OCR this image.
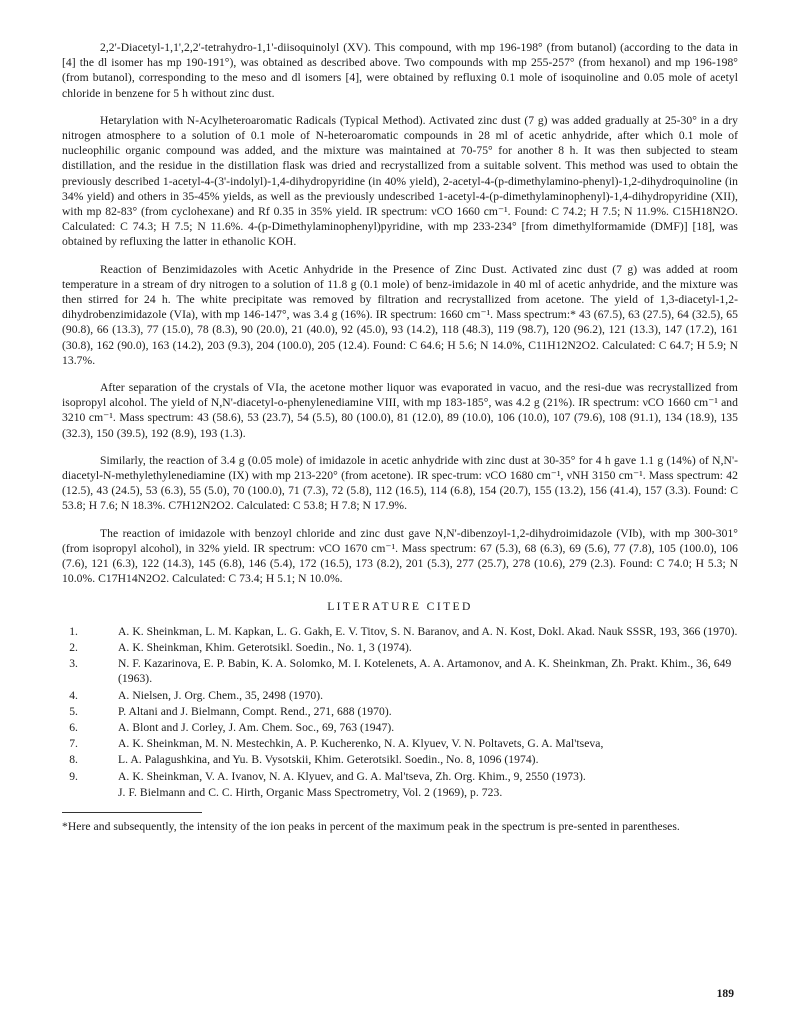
2,2'-Diacetyl-1,1',2,2'-tetrahydro-1,1'-diisoquinolyl (XV). This compound, with mp 196-198° (from butanol) (according to the data in [4] the dl isomer has mp 190-191°), was obtained as described above. Two compounds with mp 255-257° (from hexanol) and mp 196-198° (from butanol), corresponding to the meso and dl isomers [4], were obtained by refluxing 0.1 mole of isoquinoline and 0.05 mole of acetyl chloride in benzene for 5 h without zinc dust.

Hetarylation with N-Acylheteroaromatic Radicals (Typical Method). Activated zinc dust (7 g) was added gradually at 25-30° in a dry nitrogen atmosphere to a solution of 0.1 mole of N-heteroaromatic compounds in 28 ml of acetic anhydride, after which 0.1 mole of nucleophilic organic compound was added, and the mixture was maintained at 70-75° for another 8 h. It was then subjected to steam distillation, and the residue in the distillation flask was dried and recrystallized from a suitable solvent. This method was used to obtain the previously described 1-acetyl-4-(3'-indolyl)-1,4-dihydropyridine (in 40% yield), 2-acetyl-4-(p-dimethylamino-phenyl)-1,2-dihydroquinoline (in 34% yield) and others in 35-45% yields, as well as the previously undescribed 1-acetyl-4-(p-dimethylaminophenyl)-1,4-dihydropyridine (XII), with mp 82-83° (from cyclohexane) and Rf 0.35 in 35% yield. IR spectrum: νCO 1660 cm⁻¹. Found: C 74.2; H 7.5; N 11.9%. C15H18N2O. Calculated: C 74.3; H 7.5; N 11.6%. 4-(p-Dimethylaminophenyl)pyridine, with mp 233-234° [from dimethylformamide (DMF)] [18], was obtained by refluxing the latter in ethanolic KOH.

Reaction of Benzimidazoles with Acetic Anhydride in the Presence of Zinc Dust. Activated zinc dust (7 g) was added at room temperature in a stream of dry nitrogen to a solution of 11.8 g (0.1 mole) of benz-imidazole in 40 ml of acetic anhydride, and the mixture was then stirred for 24 h. The white precipitate was removed by filtration and recrystallized from acetone. The yield of 1,3-diacetyl-1,2-dihydrobenzimidazole (VIa), with mp 146-147°, was 3.4 g (16%). IR spectrum: 1660 cm⁻¹. Mass spectrum:* 43 (67.5), 63 (27.5), 64 (32.5), 65 (90.8), 66 (13.3), 77 (15.0), 78 (8.3), 90 (20.0), 21 (40.0), 92 (45.0), 93 (14.2), 118 (48.3), 119 (98.7), 120 (96.2), 121 (13.3), 147 (17.2), 161 (30.8), 162 (90.0), 163 (14.2), 203 (9.3), 204 (100.0), 205 (12.4). Found: C 64.6; H 5.6; N 14.0%, C11H12N2O2. Calculated: C 64.7; H 5.9; N 13.7%.

After separation of the crystals of VIa, the acetone mother liquor was evaporated in vacuo, and the resi-due was recrystallized from isopropyl alcohol. The yield of N,N'-diacetyl-o-phenylenediamine VIII, with mp 183-185°, was 4.2 g (21%). IR spectrum: νCO 1660 cm⁻¹ and 3210 cm⁻¹. Mass spectrum: 43 (58.6), 53 (23.7), 54 (5.5), 80 (100.0), 81 (12.0), 89 (10.0), 106 (10.0), 107 (79.6), 108 (91.1), 134 (18.9), 135 (32.3), 150 (39.5), 192 (8.9), 193 (1.3).

Similarly, the reaction of 3.4 g (0.05 mole) of imidazole in acetic anhydride with zinc dust at 30-35° for 4 h gave 1.1 g (14%) of N,N'-diacetyl-N-methylethylenediamine (IX) with mp 213-220° (from acetone). IR spec-trum: νCO 1680 cm⁻¹, νNH 3150 cm⁻¹. Mass spectrum: 42 (12.5), 43 (24.5), 53 (6.3), 55 (5.0), 70 (100.0), 71 (7.3), 72 (5.8), 112 (16.5), 114 (6.8), 154 (20.7), 155 (13.2), 156 (41.4), 157 (3.3). Found: C 53.8; H 7.6; N 18.3%. C7H12N2O2. Calculated: C 53.8; H 7.8; N 17.9%.

The reaction of imidazole with benzoyl chloride and zinc dust gave N,N'-dibenzoyl-1,2-dihydroimidazole (VIb), with mp 300-301° (from isopropyl alcohol), in 32% yield. IR spectrum: νCO 1670 cm⁻¹. Mass spectrum: 67 (5.3), 68 (6.3), 69 (5.6), 77 (7.8), 105 (100.0), 106 (7.6), 121 (6.3), 122 (14.3), 145 (6.8), 146 (5.4), 172 (16.5), 173 (8.2), 201 (5.3), 277 (25.7), 278 (10.6), 279 (2.3). Found: C 74.0; H 5.3; N 10.0%. C17H14N2O2. Calculated: C 73.4; H 5.1; N 10.0%.

LITERATURE CITED
1.	A. K. Sheinkman, L. M. Kapkan, L. G. Gakh, E. V. Titov, S. N. Baranov, and A. N. Kost, Dokl. Akad. Nauk SSSR, 193, 366 (1970).
2.	A. K. Sheinkman, Khim. Geterotsikl. Soedin., No. 1, 3 (1974).
3.	N. F. Kazarinova, E. P. Babin, K. A. Solomko, M. I. Kotelenets, A. A. Artamonov, and A. K. Sheinkman, Zh. Prakt. Khim., 36, 649 (1963).
4.	A. Nielsen, J. Org. Chem., 35, 2498 (1970).
5.	P. Altani and J. Bielmann, Compt. Rend., 271, 688 (1970).
6.	A. Blont and J. Corley, J. Am. Chem. Soc., 69, 763 (1947).
7.	A. K. Sheinkman, M. N. Mestechkin, A. P. Kucherenko, N. A. Klyuev, V. N. Poltavets, G. A. Mal'tseva,
8.	L. A. Palagushkina, and Yu. B. Vysotskii, Khim. Geterotsikl. Soedin., No. 8, 1096 (1974).
9.	A. K. Sheinkman, V. A. Ivanov, N. A. Klyuev, and G. A. Mal'tseva, Zh. Org. Khim., 9, 2550 (1973).
J. F. Bielmann and C. C. Hirth, Organic Mass Spectrometry, Vol. 2 (1969), p. 723.

*Here and subsequently, the intensity of the ion peaks in percent of the maximum peak in the spectrum is pre-sented in parentheses.

189
